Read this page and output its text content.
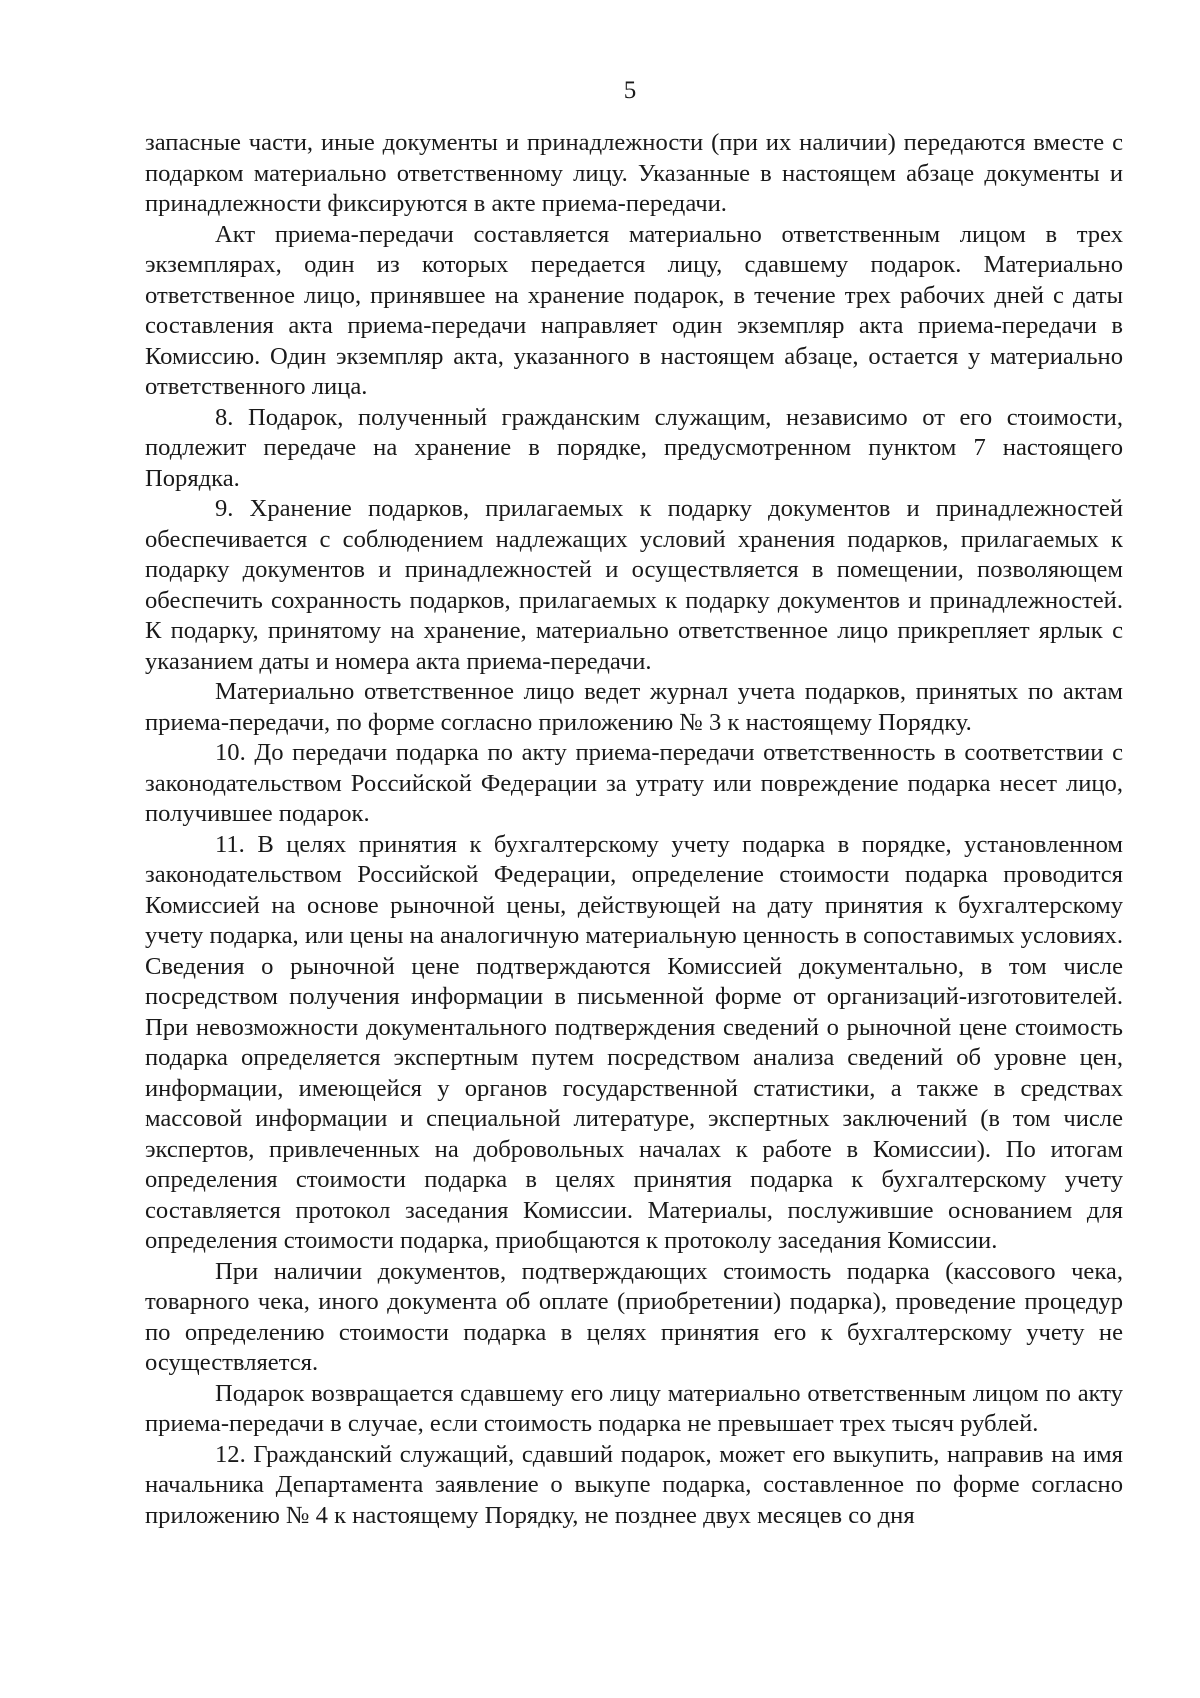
5

запасные части, иные документы и принадлежности (при их наличии) передаются вместе с подарком материально ответственному лицу. Указанные в настоящем абзаце документы и принадлежности фиксируются в акте приема-передачи.

Акт приема-передачи составляется материально ответственным лицом в трех экземплярах, один из которых передается лицу, сдавшему подарок. Материально ответственное лицо, принявшее на хранение подарок, в течение трех рабочих дней с даты составления акта приема-передачи направляет один экземпляр акта приема-передачи в Комиссию. Один экземпляр акта, указанного в настоящем абзаце, остается у материально ответственного лица.

8. Подарок, полученный гражданским служащим, независимо от его стоимости, подлежит передаче на хранение в порядке, предусмотренном пунктом 7 настоящего Порядка.

9. Хранение подарков, прилагаемых к подарку документов и принадлежностей обеспечивается с соблюдением надлежащих условий хранения подарков, прилагаемых к подарку документов и принадлежностей и осуществляется в помещении, позволяющем обеспечить сохранность подарков, прилагаемых к подарку документов и принадлежностей. К подарку, принятому на хранение, материально ответственное лицо прикрепляет ярлык с указанием даты и номера акта приема-передачи.

Материально ответственное лицо ведет журнал учета подарков, принятых по актам приема-передачи, по форме согласно приложению № 3 к настоящему Порядку.

10. До передачи подарка по акту приема-передачи ответственность в соответствии с законодательством Российской Федерации за утрату или повреждение подарка несет лицо, получившее подарок.

11. В целях принятия к бухгалтерскому учету подарка в порядке, установленном законодательством Российской Федерации, определение стоимости подарка проводится Комиссией на основе рыночной цены, действующей на дату принятия к бухгалтерскому учету подарка, или цены на аналогичную материальную ценность в сопоставимых условиях. Сведения о рыночной цене подтверждаются Комиссией документально, в том числе посредством получения информации в письменной форме от организаций-изготовителей. При невозможности документального подтверждения сведений о рыночной цене стоимость подарка определяется экспертным путем посредством анализа сведений об уровне цен, информации, имеющейся у органов государственной статистики, а также в средствах массовой информации и специальной литературе, экспертных заключений (в том числе экспертов, привлеченных на добровольных началах к работе в Комиссии). По итогам определения стоимости подарка в целях принятия подарка к бухгалтерскому учету составляется протокол заседания Комиссии. Материалы, послужившие основанием для определения стоимости подарка, приобщаются к протоколу заседания Комиссии.

При наличии документов, подтверждающих стоимость подарка (кассового чека, товарного чека, иного документа об оплате (приобретении) подарка), проведение процедур по определению стоимости подарка в целях принятия его к бухгалтерскому учету не осуществляется.

Подарок возвращается сдавшему его лицу материально ответственным лицом по акту приема-передачи в случае, если стоимость подарка не превышает трех тысяч рублей.

12. Гражданский служащий, сдавший подарок, может его выкупить, направив на имя начальника Департамента заявление о выкупе подарка, составленное по форме согласно приложению № 4 к настоящему Порядку, не позднее двух месяцев со дня
